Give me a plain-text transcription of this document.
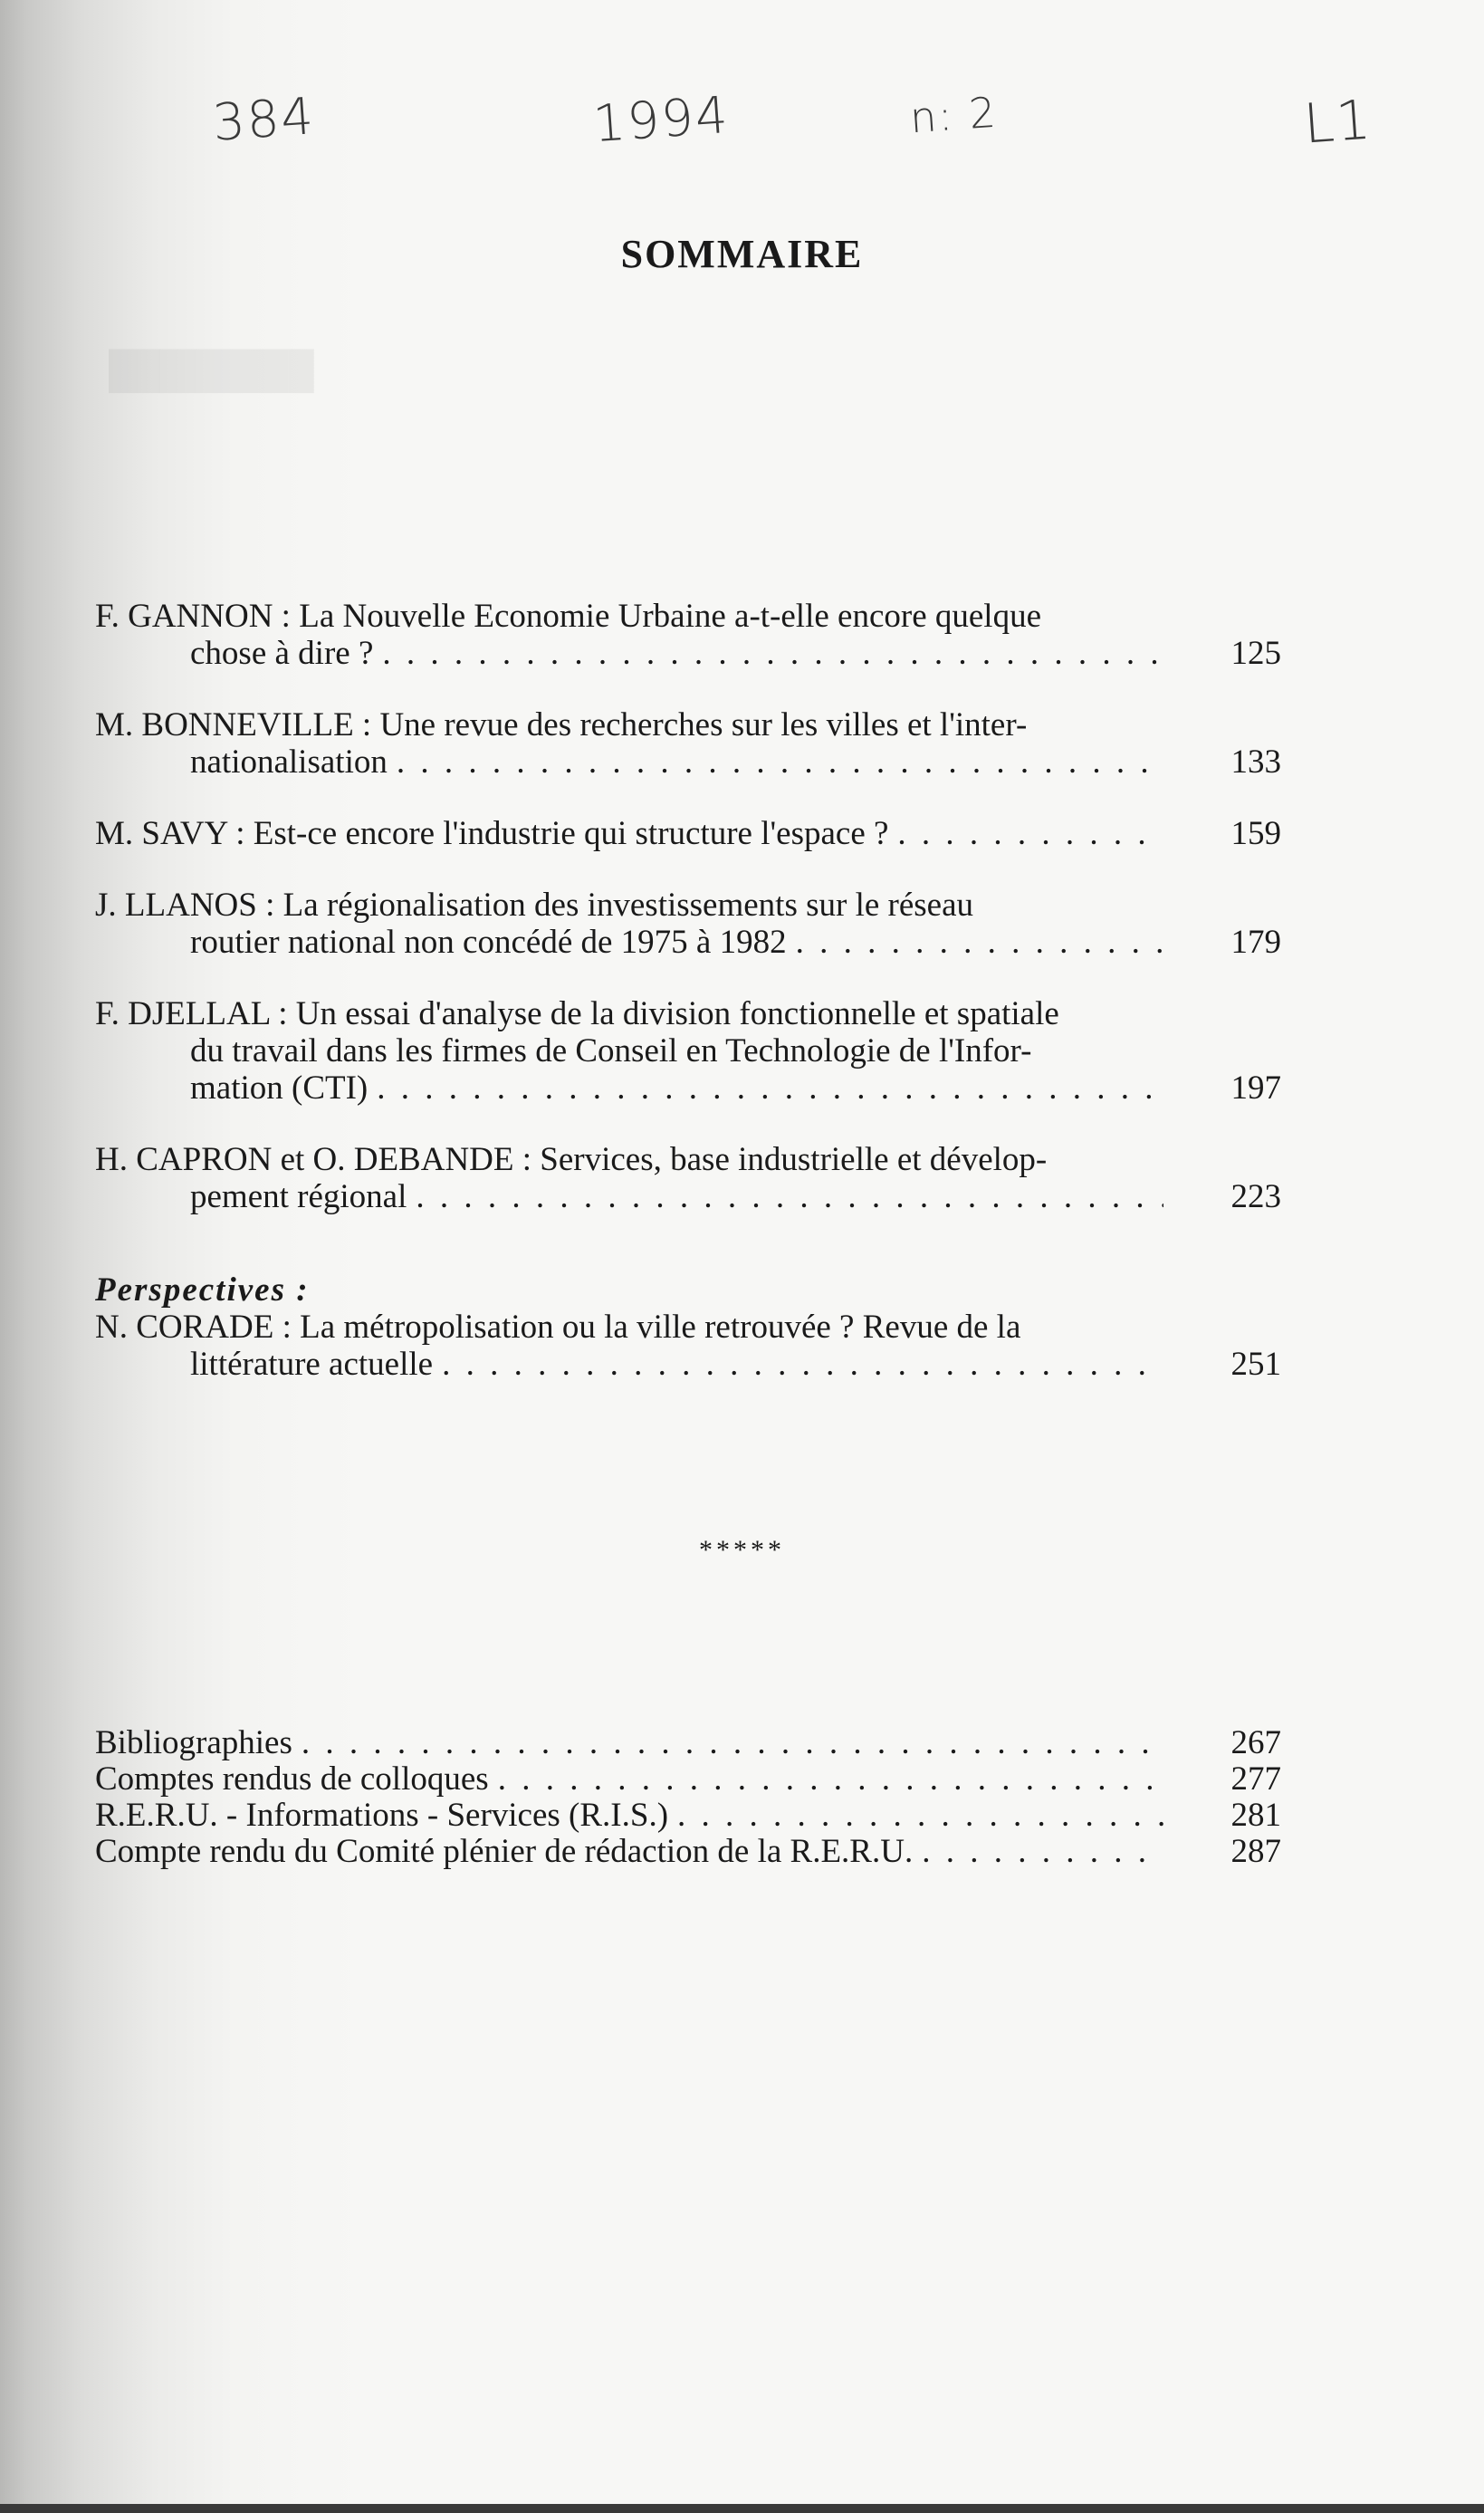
████████
384	1994	n: 2	L1
SOMMAIRE
F. GANNON : La Nouvelle Economie Urbaine a-t-elle encore quelque
chose à dire ? . . .	125
M. BONNEVILLE : Une revue des recherches sur les villes et l'inter-
nationalisation . . .	133
M. SAVY : Est-ce encore l'industrie qui structure l'espace ? . . .	159
J. LLANOS : La régionalisation des investissements sur le réseau
routier national non concédé de 1975 à 1982 . . .	179
F. DJELLAL : Un essai d'analyse de la division fonctionnelle et spatiale
du travail dans les firmes de Conseil en Technologie de l'Infor-
mation (CTI) . . .	197
H. CAPRON et O. DEBANDE : Services, base industrielle et dévelop-
pement régional . . .	223
Perspectives :
N. CORADE : La métropolisation ou la ville retrouvée ? Revue de la
littérature actuelle . . .	251
*****
Bibliographies . . .	267
Comptes rendus de colloques . . .	277
R.E.R.U. - Informations - Services (R.I.S.) . . .	281
Compte rendu du Comité plénier de rédaction de la R.E.R.U. . . .	287
